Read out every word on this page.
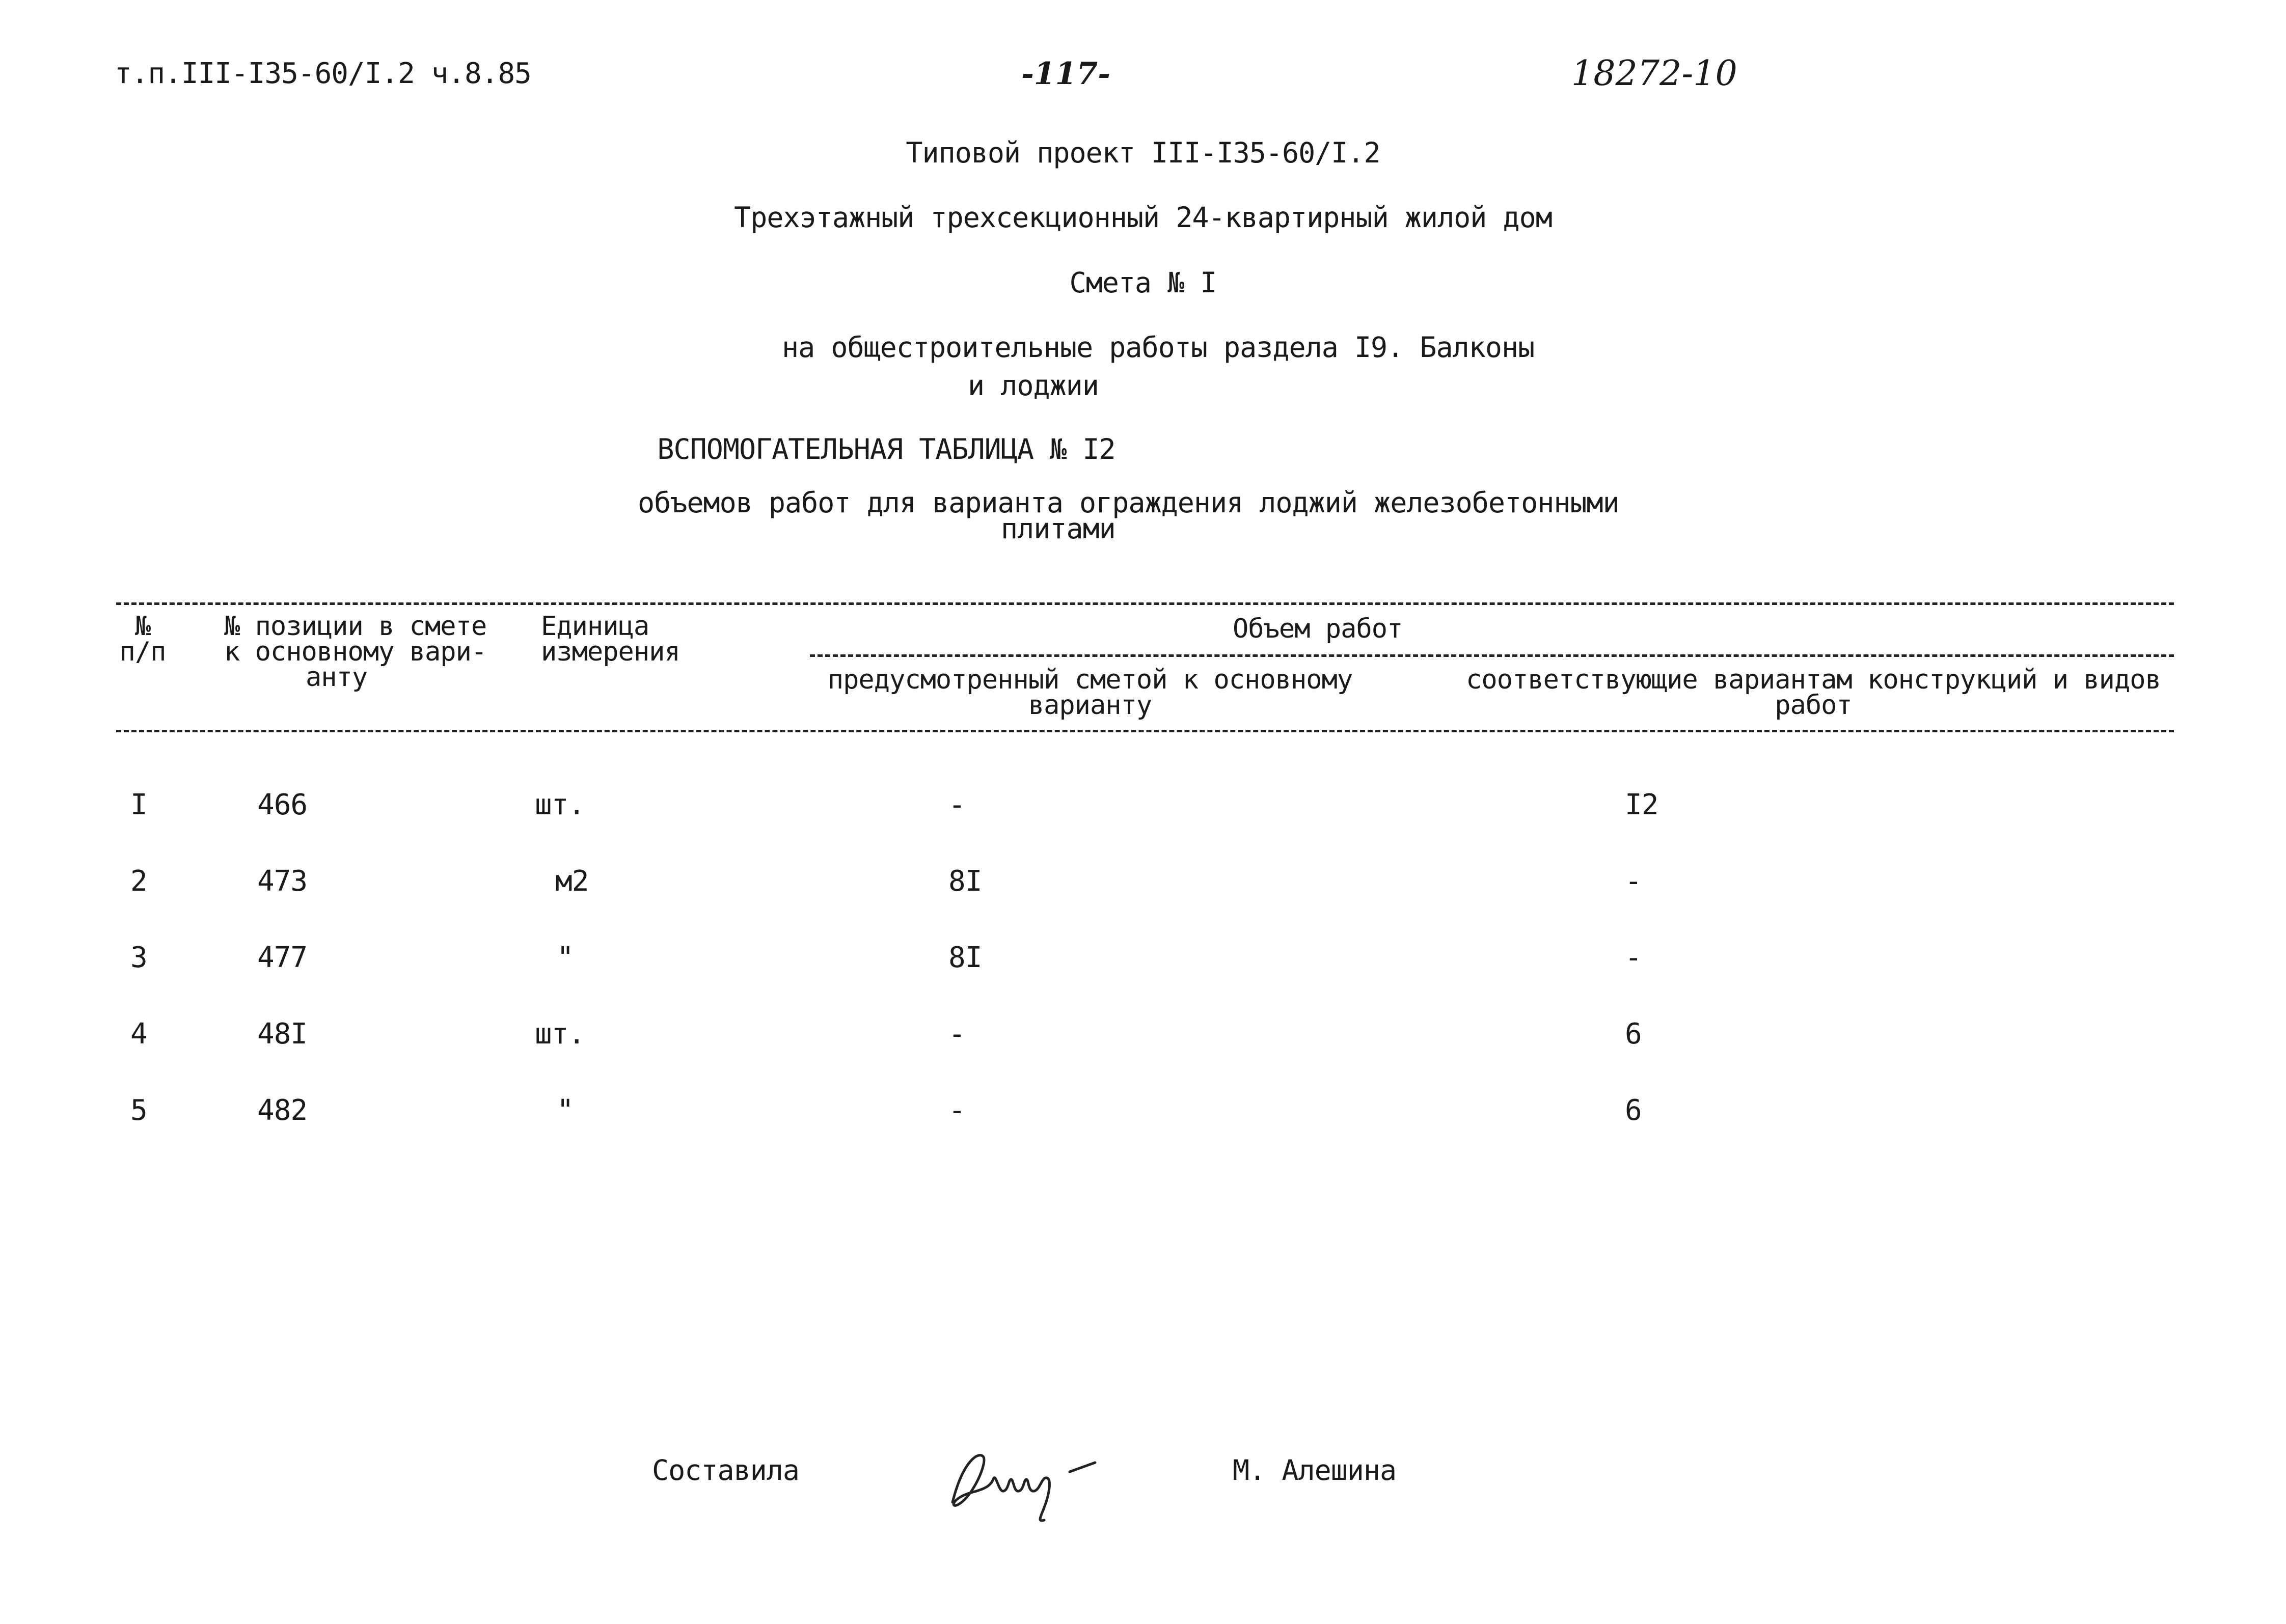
т.п.III-I35-60/I.2 ч.8.85	-117-	18272-10
Типовой проект III-I35-60/I.2
Трехэтажный трехсекционный 24-квартирный жилой дом
Смета № I
на общестроительные работы раздела I9. Балконы
и лоджии
ВСПОМОГАТЕЛЬНАЯ ТАБЛИЦА № I2
объемов работ для варианта ограждения лоджий железобетонными
плитами
№
п/п
№ позиции в смете
к основному вари-
анту
Единица
измерения
Объем работ
предусмотренный сметой к основному
варианту
соответствующие вариантам конструкций и видов
работ
I	466	шт.	-	I2
2	473	м2	8I	-
3	477	"	8I	-
4	48I	шт.	-	6
5	482	"	-	6
Составила	М. Алешина
